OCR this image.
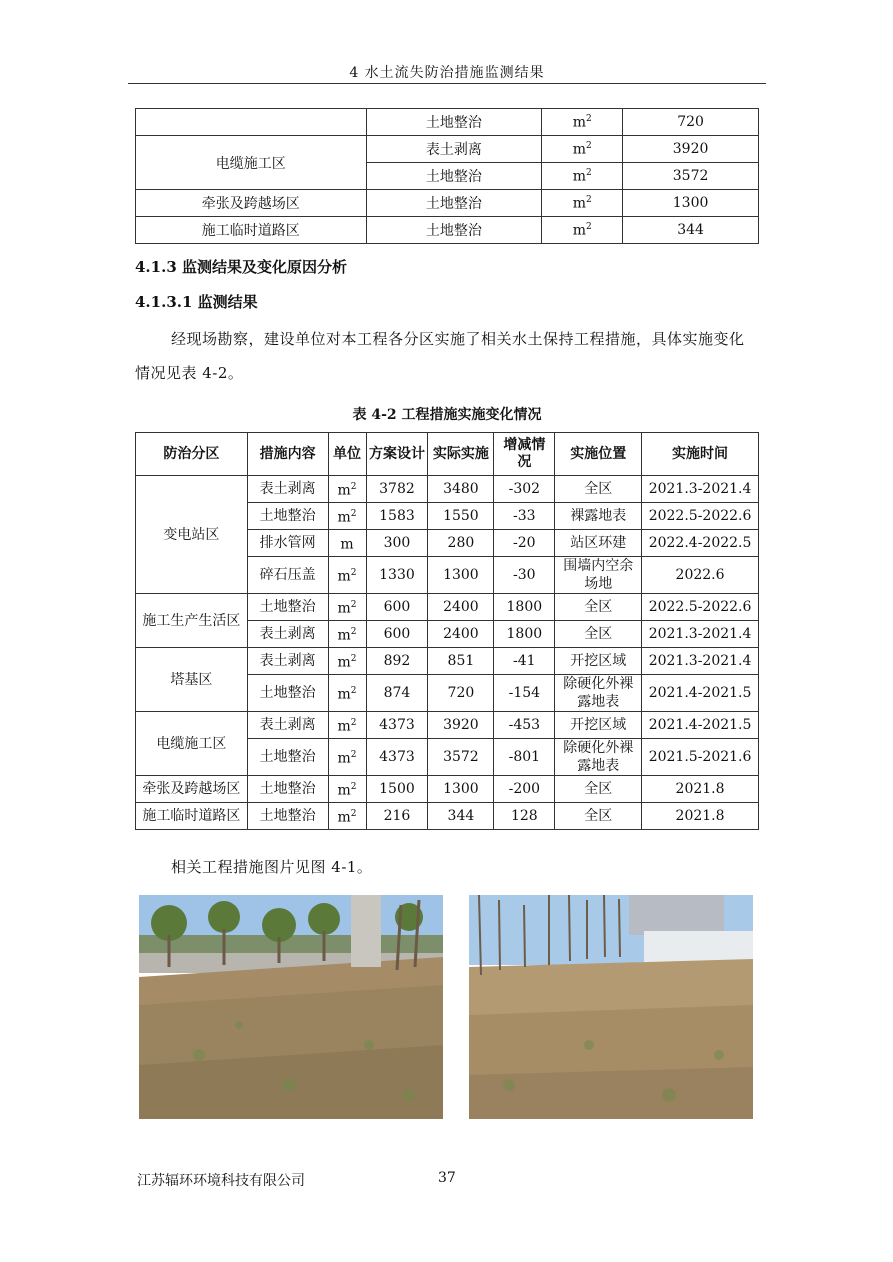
4 水土流失防治措施监测结果
	土地整治	$m^2$	720
电缆施工区	表土剥离	$m^2$	3920
	土地整治	$m^2$	3572
牵张及跨越场区	土地整治	$m^2$	1300
施工临时道路区	土地整治	$m^2$	344
4.1.3 监测结果及变化原因分析
4.1.3.1 监测结果
经现场勘察，建设单位对本工程各分区实施了相关水土保持工程措施，具体实施变化情况见表 4-2。
表 4-2 工程措施实施变化情况
防治分区	措施内容	单位	方案设计	实际实施	增减情况	实施位置	实施时间
变电站区	表土剥离	$m^2$	3782	3480	-302	全区	2021.3-2021.4
	土地整治	$m^2$	1583	1550	-33	裸露地表	2022.5-2022.6
	排水管网	m	300	280	-20	站区环建	2022.4-2022.5
	碎石压盖	$m^2$	1330	1300	-30	围墙内空余场地	2022.6
施工生产生活区	土地整治	$m^2$	600	2400	1800	全区	2022.5-2022.6
	表土剥离	$m^2$	600	2400	1800	全区	2021.3-2021.4
塔基区	表土剥离	$m^2$	892	851	-41	开挖区域	2021.3-2021.4
	土地整治	$m^2$	874	720	-154	除硬化外裸露地表	2021.4-2021.5
电缆施工区	表土剥离	$m^2$	4373	3920	-453	开挖区域	2021.4-2021.5
	土地整治	$m^2$	4373	3572	-801	除硬化外裸露地表	2021.5-2021.6
牵张及跨越场区	土地整治	$m^2$	1500	1300	-200	全区	2021.8
施工临时道路区	土地整治	$m^2$	216	344	128	全区	2021.8
相关工程措施图片见图 4-1。
江苏辐环环境科技有限公司	37
